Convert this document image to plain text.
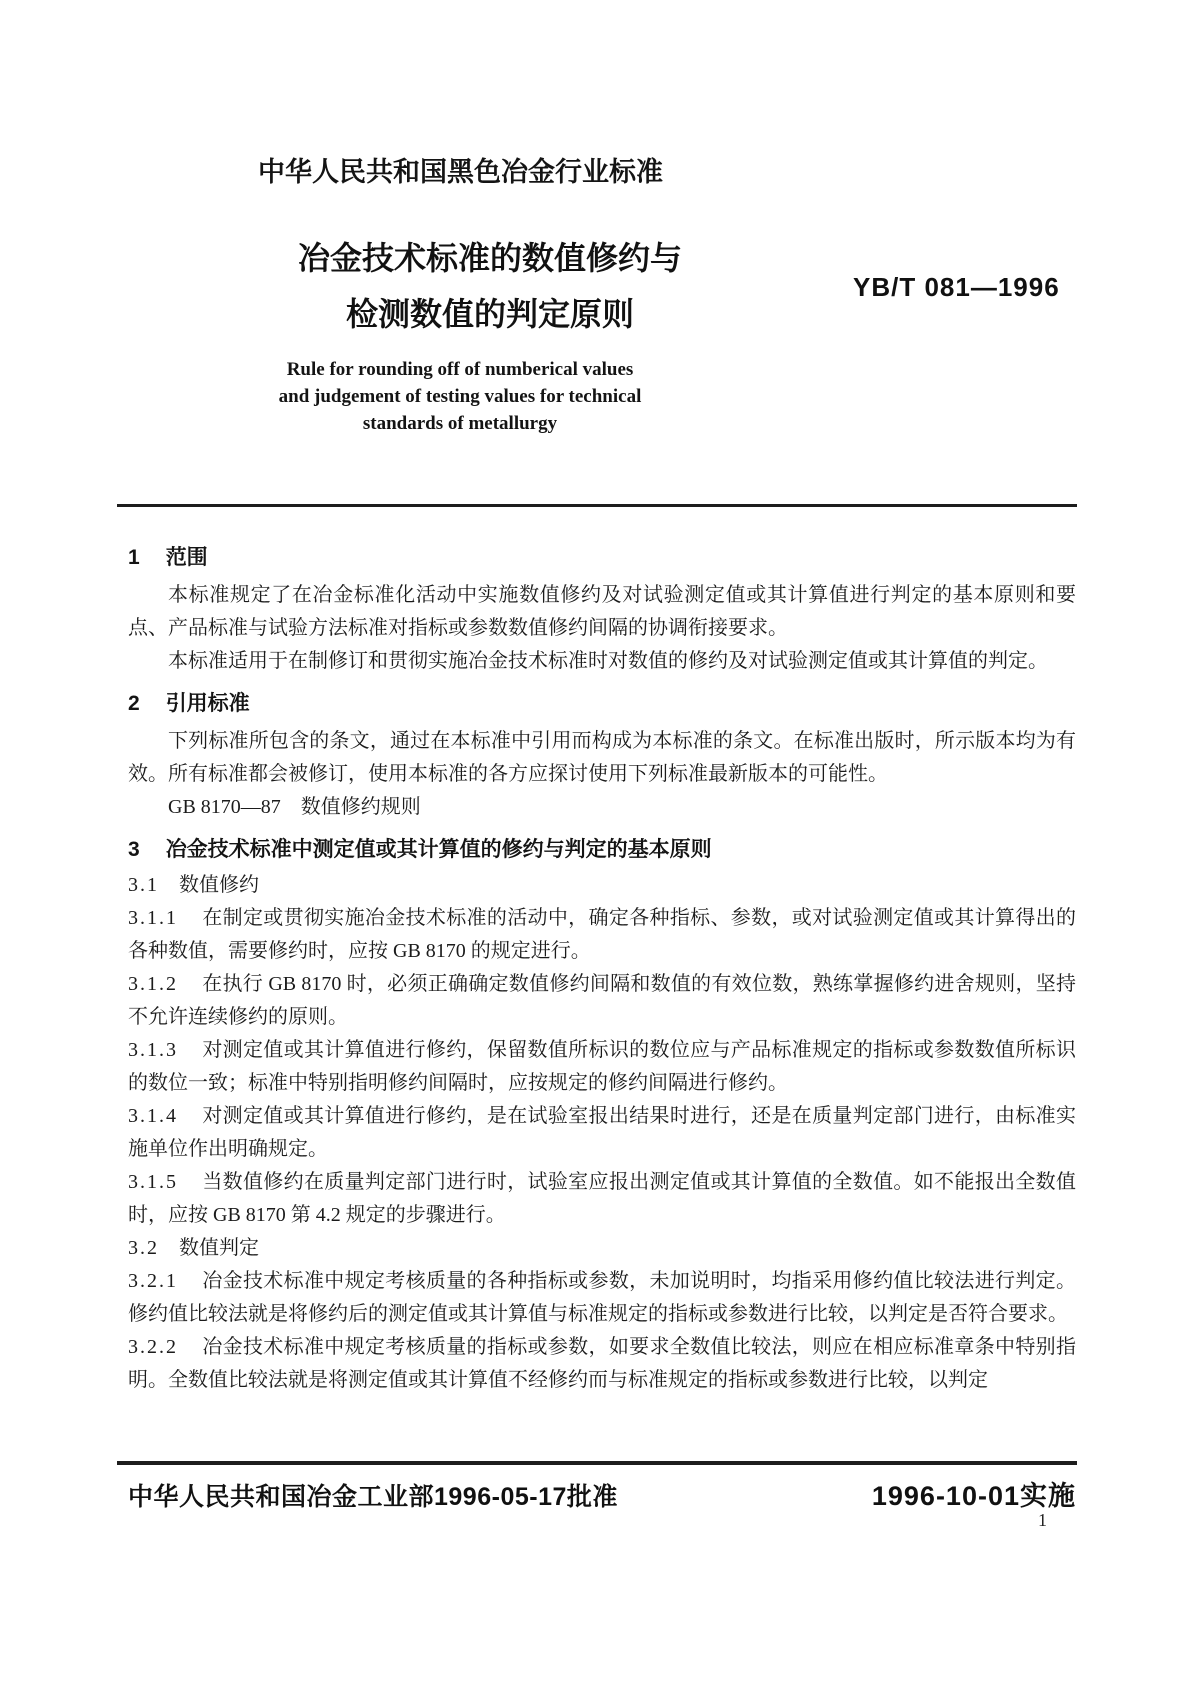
中华人民共和国黑色冶金行业标准
冶金技术标准的数值修约与
检测数值的判定原则
YB/T 081—1996
Rule for rounding off of numberical values
and judgement of testing values for technical
standards of metallurgy
1 范围

本标准规定了在冶金标准化活动中实施数值修约及对试验测定值或其计算值进行判定的基本原则和要点、产品标准与试验方法标准对指标或参数数值修约间隔的协调衔接要求。

本标准适用于在制修订和贯彻实施冶金技术标准时对数值的修约及对试验测定值或其计算值的判定。

2 引用标准

下列标准所包含的条文，通过在本标准中引用而构成为本标准的条文。在标准出版时，所示版本均为有效。所有标准都会被修订，使用本标准的各方应探讨使用下列标准最新版本的可能性。

GB 8170—87　数值修约规则

3 冶金技术标准中测定值或其计算值的修约与判定的基本原则

3.1 数值修约

3.1.1 在制定或贯彻实施冶金技术标准的活动中，确定各种指标、参数，或对试验测定值或其计算得出的各种数值，需要修约时，应按 GB 8170 的规定进行。

3.1.2 在执行 GB 8170 时，必须正确确定数值修约间隔和数值的有效位数，熟练掌握修约进舍规则，坚持不允许连续修约的原则。

3.1.3 对测定值或其计算值进行修约，保留数值所标识的数位应与产品标准规定的指标或参数数值所标识的数位一致；标准中特别指明修约间隔时，应按规定的修约间隔进行修约。

3.1.4 对测定值或其计算值进行修约，是在试验室报出结果时进行，还是在质量判定部门进行，由标准实施单位作出明确规定。

3.1.5 当数值修约在质量判定部门进行时，试验室应报出测定值或其计算值的全数值。如不能报出全数值时，应按 GB 8170 第 4.2 规定的步骤进行。

3.2 数值判定

3.2.1 冶金技术标准中规定考核质量的各种指标或参数，未加说明时，均指采用修约值比较法进行判定。修约值比较法就是将修约后的测定值或其计算值与标准规定的指标或参数进行比较，以判定是否符合要求。

3.2.2 冶金技术标准中规定考核质量的指标或参数，如要求全数值比较法，则应在相应标准章条中特别指明。全数值比较法就是将测定值或其计算值不经修约而与标准规定的指标或参数进行比较，以判定

中华人民共和国冶金工业部1996-05-17批准	1996-10-01实施
1
